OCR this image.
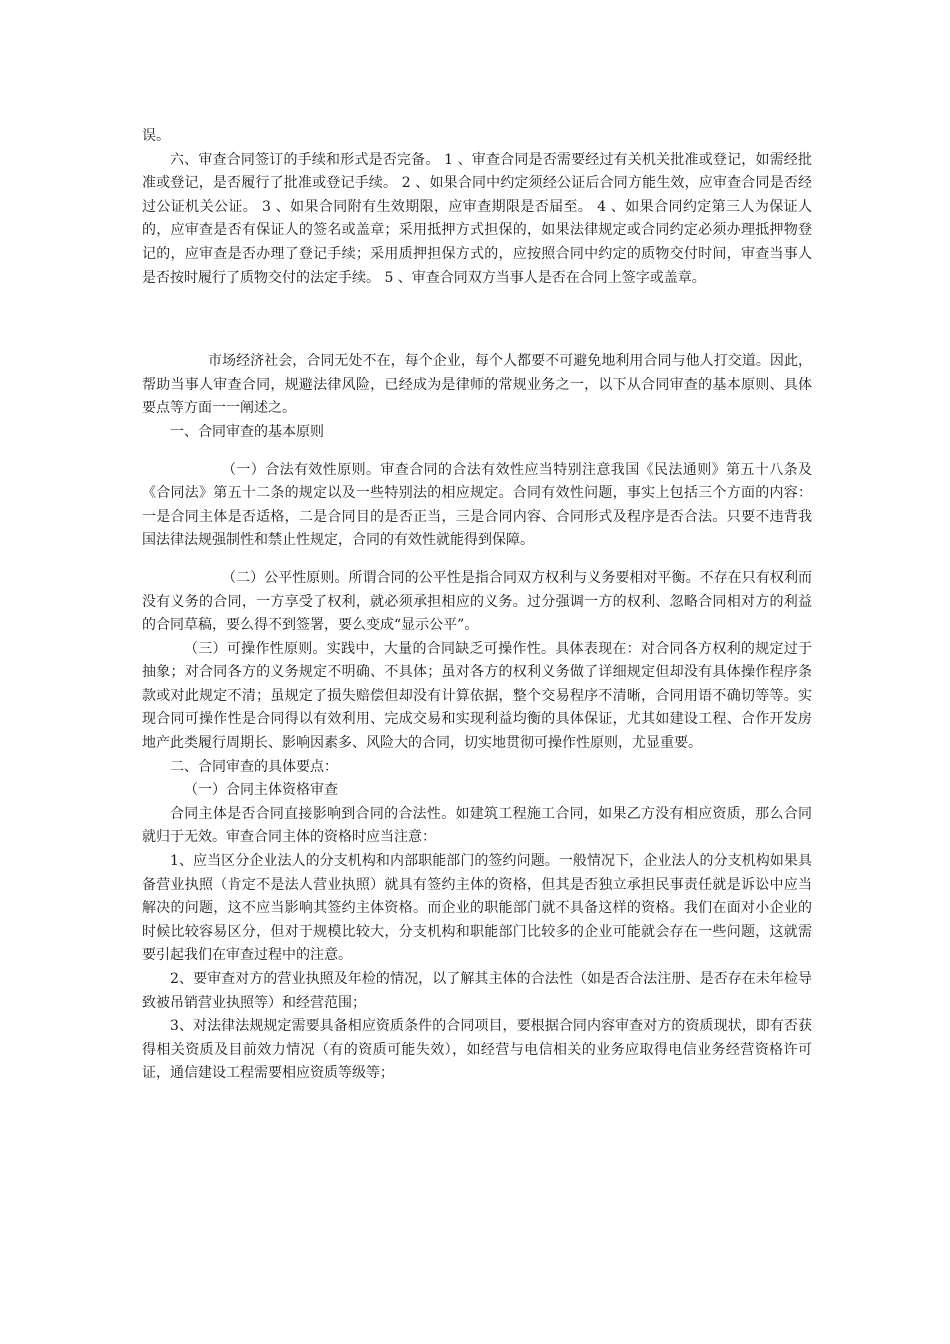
误。

六、审查合同签订的手续和形式是否完备。 1 、审查合同是否需要经过有关机关批准或登记，如需经批准或登记，是否履行了批准或登记手续。 2 、如果合同中约定须经公证后合同方能生效，应审查合同是否经过公证机关公证。 3 、如果合同附有生效期限，应审查期限是否届至。 4 、如果合同约定第三人为保证人的，应审查是否有保证人的签名或盖章；采用抵押方式担保的，如果法律规定或合同约定必须办理抵押物登记的，应审查是否办理了登记手续；采用质押担保方式的，应按照合同中约定的质物交付时间，审查当事人是否按时履行了质物交付的法定手续。 5 、审查合同双方当事人是否在合同上签字或盖章。

市场经济社会，合同无处不在，每个企业，每个人都要不可避免地利用合同与他人打交道。因此，帮助当事人审查合同，规避法律风险，已经成为是律师的常规业务之一，以下从合同审查的基本原则、具体要点等方面一一阐述之。

一、合同审查的基本原则

（一）合法有效性原则。审查合同的合法有效性应当特别注意我国《民法通则》第五十八条及《合同法》第五十二条的规定以及一些特别法的相应规定。合同有效性问题，事实上包括三个方面的内容：一是合同主体是否适格，二是合同目的是否正当，三是合同内容、合同形式及程序是否合法。只要不违背我国法律法规强制性和禁止性规定，合同的有效性就能得到保障。

（二）公平性原则。所谓合同的公平性是指合同双方权利与义务要相对平衡。不存在只有权利而没有义务的合同，一方享受了权利，就必须承担相应的义务。过分强调一方的权利、忽略合同相对方的利益的合同草稿，要么得不到签署，要么变成“显示公平”。

（三）可操作性原则。实践中，大量的合同缺乏可操作性。具体表现在：对合同各方权利的规定过于抽象；对合同各方的义务规定不明确、不具体；虽对各方的权利义务做了详细规定但却没有具体操作程序条款或对此规定不清；虽规定了损失赔偿但却没有计算依据，整个交易程序不清晰，合同用语不确切等等。实现合同可操作性是合同得以有效利用、完成交易和实现利益均衡的具体保证，尤其如建设工程、合作开发房地产此类履行周期长、影响因素多、风险大的合同，切实地贯彻可操作性原则，尤显重要。

二、合同审查的具体要点：

（一）合同主体资格审查

合同主体是否合同直接影响到合同的合法性。如建筑工程施工合同，如果乙方没有相应资质，那么合同就归于无效。审查合同主体的资格时应当注意：

1、应当区分企业法人的分支机构和内部职能部门的签约问题。一般情况下，企业法人的分支机构如果具备营业执照（肯定不是法人营业执照）就具有签约主体的资格，但其是否独立承担民事责任就是诉讼中应当解决的问题，这不应当影响其签约主体资格。而企业的职能部门就不具备这样的资格。我们在面对小企业的时候比较容易区分，但对于规模比较大，分支机构和职能部门比较多的企业可能就会存在一些问题，这就需要引起我们在审查过程中的注意。

2、要审查对方的营业执照及年检的情况，以了解其主体的合法性（如是否合法注册、是否存在未年检导致被吊销营业执照等）和经营范围；

3、对法律法规规定需要具备相应资质条件的合同项目，要根据合同内容审查对方的资质现状，即有否获得相关资质及目前效力情况（有的资质可能失效），如经营与电信相关的业务应取得电信业务经营资格许可证，通信建设工程需要相应资质等级等；
